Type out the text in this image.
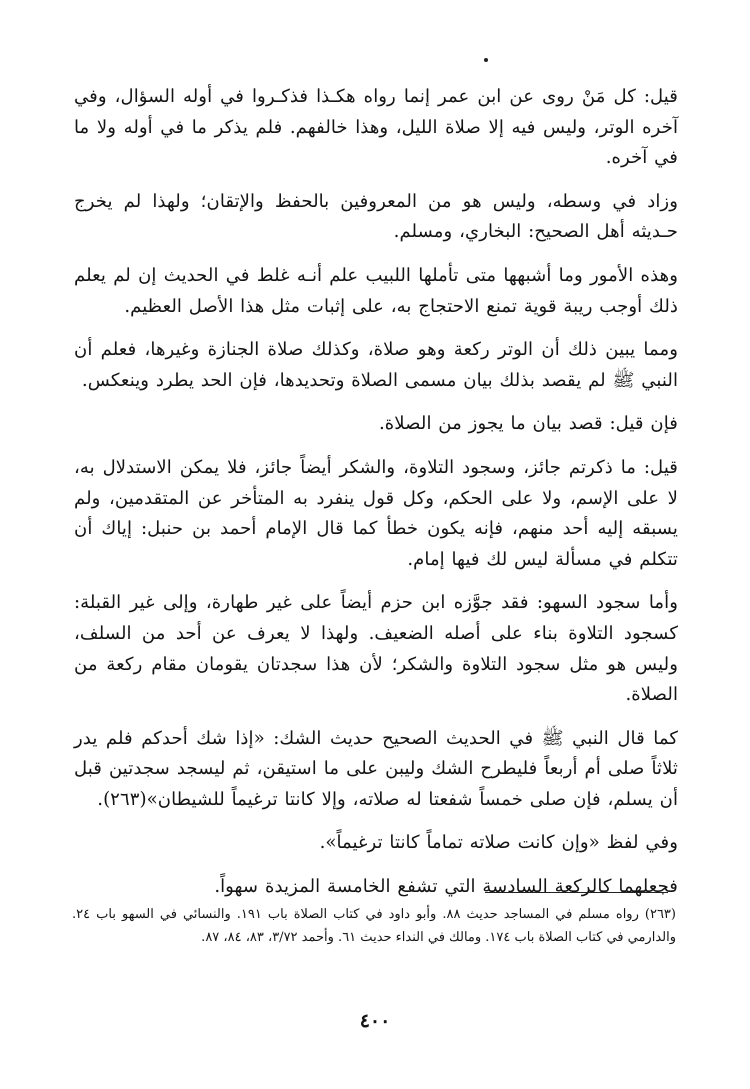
قيل: كل مَنْ روى عن ابن عمر إنما رواه هكـذا فذكـروا في أوله السؤال، وفي آخره الوتر، وليس فيه إلا صلاة الليل، وهذا خالفهم. فلم يذكر ما في أوله ولا ما في آخره.

وزاد في وسطه، وليس هو من المعروفين بالحفظ والإتقان؛ ولهذا لم يخرج حـديثه أهل الصحيح: البخاري، ومسلم.

وهذه الأمور وما أشبهها متى تأملها اللبيب علم أنـه غلط في الحديث إن لم يعلم ذلك أوجب ريبة قوية تمنع الاحتجاج به، على إثبات مثل هذا الأصل العظيم.

ومما يبين ذلك أن الوتر ركعة وهو صلاة، وكذلك صلاة الجنازة وغيرها، فعلم أن النبي ﷺ لم يقصد بذلك بيان مسمى الصلاة وتحديدها، فإن الحد يطرد وينعكس.

فإن قيل: قصد بيان ما يجوز من الصلاة.

قيل: ما ذكرتم جائز، وسجود التلاوة، والشكر أيضاً جائز، فلا يمكن الاستدلال به، لا على الإسم، ولا على الحكم، وكل قول ينفرد به المتأخر عن المتقدمين، ولم يسبقه إليه أحد منهم، فإنه يكون خطأ كما قال الإمام أحمد بن حنبل: إياك أن تتكلم في مسألة ليس لك فيها إمام.

وأما سجود السهو: فقد جوَّزه ابن حزم أيضاً على غير طهارة، وإلى غير القبلة: كسجود التلاوة بناء على أصله الضعيف. ولهذا لا يعرف عن أحد من السلف، وليس هو مثل سجود التلاوة والشكر؛ لأن هذا سجدتان يقومان مقام ركعة من الصلاة.

كما قال النبي ﷺ في الحديث الصحيح حديث الشك: «إذا شك أحدكم فلم يدر ثلاثاً صلى أم أربعاً فليطرح الشك وليبن على ما استيقن، ثم ليسجد سجدتين قبل أن يسلم، فإن صلى خمساً شفعتا له صلاته، وإلا كانتا ترغيماً للشيطان»(٢٦٣).

وفي لفظ «وإن كانت صلاته تماماً كانتا ترغيماً».

فجعلهما كالركعة السادسة التي تشفع الخامسة المزيدة سهواً.

(٢٦٣) رواه مسلم في المساجد حديث ٨٨. وأبو داود في كتاب الصلاة باب ١٩١. والنسائي في السهو باب ٢٤. والدارمي في كتاب الصلاة باب ١٧٤. ومالك في النداء حديث ٦١. وأحمد ٣/٧٢، ٨٣، ٨٤، ٨٧.

٤٠٠
